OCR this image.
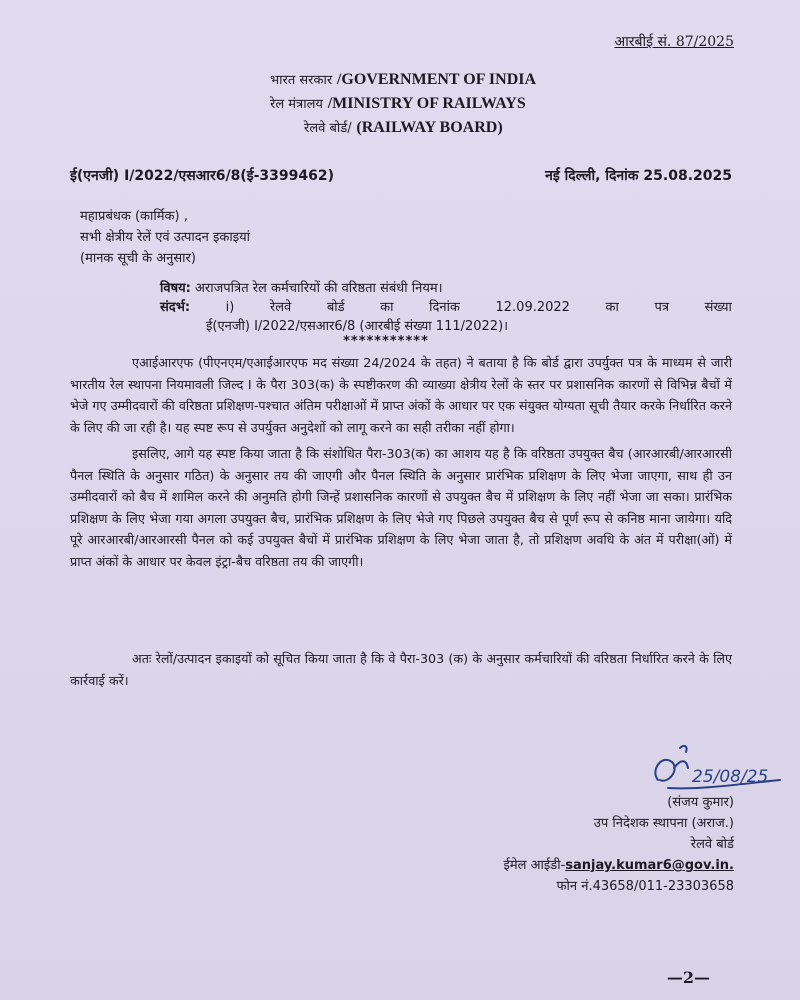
आरबीई सं. 87/2025
भारत सरकार /GOVERNMENT OF INDIA
रेल मंत्रालय /MINISTRY OF RAILWAYS
रेलवे बोर्ड/ (RAILWAY BOARD)
ई(एनजी) I/2022/एसआर6/8(ई-3399462)	नई दिल्ली, दिनांक 25.08.2025
महाप्रबंधक (कार्मिक) ,
सभी क्षेत्रीय रेलें एवं उत्पादन इकाइयां
(मानक सूची के अनुसार)
विषय: अराजपत्रित रेल कर्मचारियों की वरिष्ठता संबंधी नियम।
संदर्भ:	i)	रेलवे	बोर्ड	का	दिनांक	12.09.2022	का	पत्र	संख्या
ई(एनजी) I/2022/एसआर6/8 (आरबीई संख्या 111/2022)।
***********
एआईआरएफ (पीएनएम/एआईआरएफ मद संख्या 24/2024 के तहत) ने बताया है कि बोर्ड द्वारा उपर्युक्त पत्र के माध्यम से जारी भारतीय रेल स्थापना नियमावली जिल्द I के पैरा 303(क) के स्पष्टीकरण की व्याख्या क्षेत्रीय रेलों के स्तर पर प्रशासनिक कारणों से विभिन्न बैचों में भेजे गए उम्मीदवारों की वरिष्ठता प्रशिक्षण-पश्चात अंतिम परीक्षाओं में प्राप्त अंकों के आधार पर एक संयुक्त योग्यता सूची तैयार करके निर्धारित करने के लिए की जा रही है। यह स्पष्ट रूप से उपर्युक्त अनुदेशों को लागू करने का सही तरीका नहीं होगा।
इसलिए, आगे यह स्पष्ट किया जाता है कि संशोधित पैरा-303(क) का आशय यह है कि वरिष्ठता उपयुक्त बैच (आरआरबी/आरआरसी पैनल स्थिति के अनुसार गठित) के अनुसार तय की जाएगी और पैनल स्थिति के अनुसार प्रारंभिक प्रशिक्षण के लिए भेजा जाएगा, साथ ही उन उम्मीदवारों को बैच में शामिल करने की अनुमति होगी जिन्हें प्रशासनिक कारणों से उपयुक्त बैच में प्रशिक्षण के लिए नहीं भेजा जा सका। प्रारंभिक प्रशिक्षण के लिए भेजा गया अगला उपयुक्त बैच, प्रारंभिक प्रशिक्षण के लिए भेजे गए पिछले उपयुक्त बैच से पूर्ण रूप से कनिष्ठ माना जायेगा। यदि पूरे आरआरबी/आरआरसी पैनल को कई उपयुक्त बैचों में प्रारंभिक प्रशिक्षण के लिए भेजा जाता है, तो प्रशिक्षण अवधि के अंत में परीक्षा(ओं) में प्राप्त अंकों के आधार पर केवल इंट्रा-बैच वरिष्ठता तय की जाएगी।
अतः रेलों/उत्पादन इकाइयों को सूचित किया जाता है कि वे पैरा-303 (क) के अनुसार कर्मचारियों की वरिष्ठता निर्धारित करने के लिए कार्रवाई करें।
25/08/25
(संजय कुमार)
उप निदेशक स्थापना (अराज.)
रेलवे बोर्ड
ईमेल आईडी-sanjay.kumar6@gov.in.
फोन नं.43658/011-23303658
—2—
